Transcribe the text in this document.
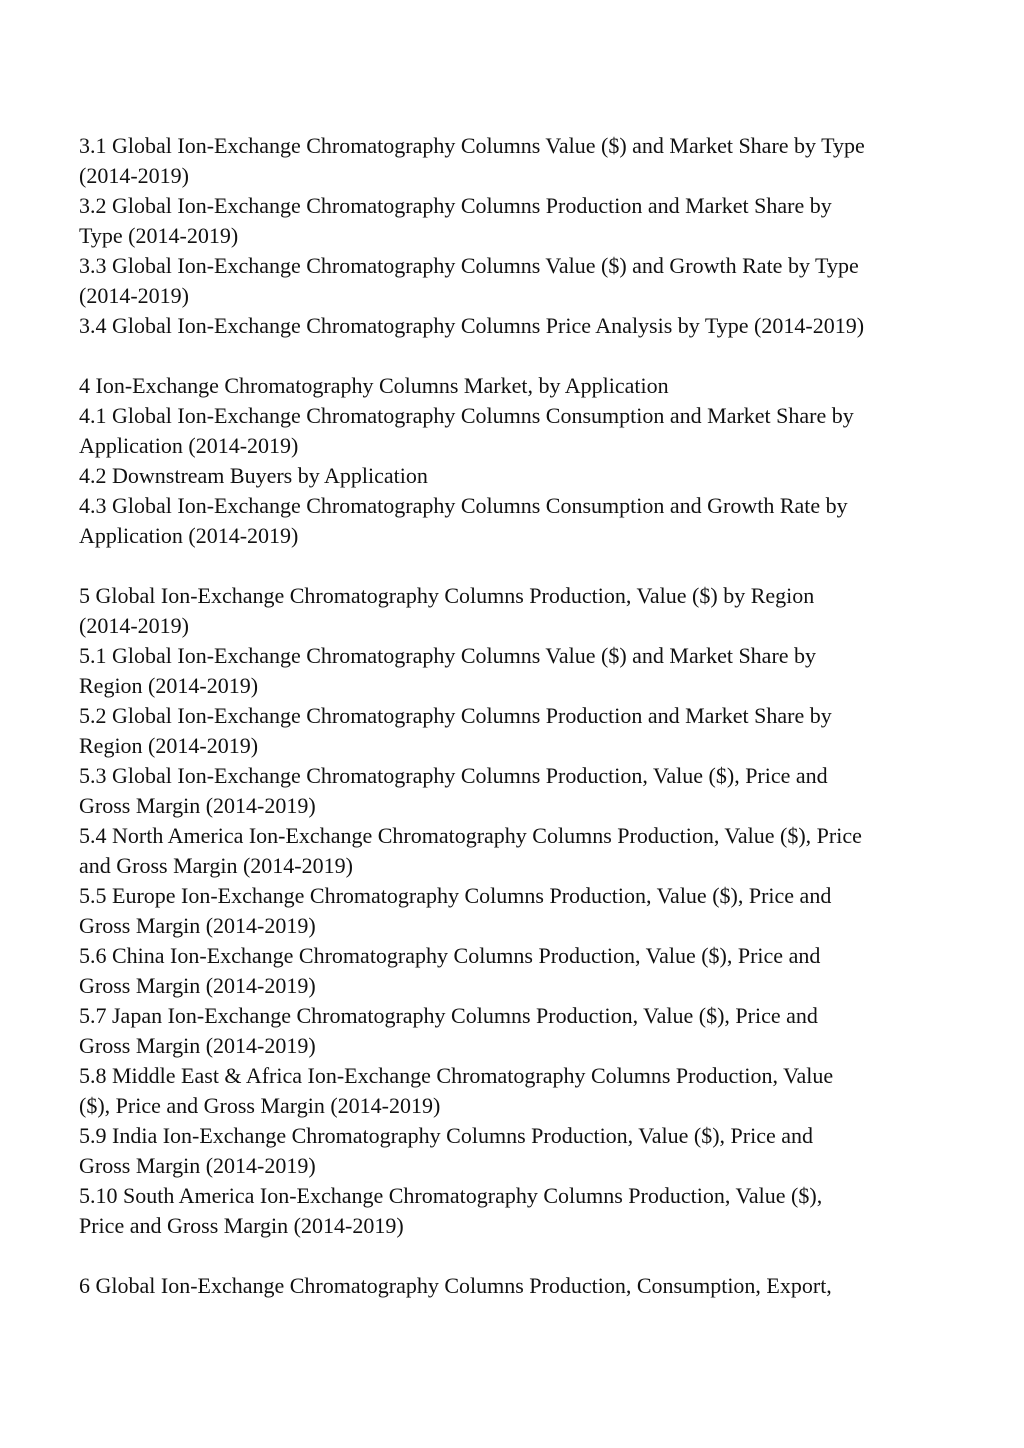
3.1 Global Ion-Exchange Chromatography Columns Value ($) and Market Share by Type
(2014-2019)
3.2 Global Ion-Exchange Chromatography Columns Production and Market Share by
Type (2014-2019)
3.3 Global Ion-Exchange Chromatography Columns Value ($) and Growth Rate by Type
(2014-2019)
3.4 Global Ion-Exchange Chromatography Columns Price Analysis by Type (2014-2019)
4 Ion-Exchange Chromatography Columns Market, by Application
4.1 Global Ion-Exchange Chromatography Columns Consumption and Market Share by
Application (2014-2019)
4.2 Downstream Buyers by Application
4.3 Global Ion-Exchange Chromatography Columns Consumption and Growth Rate by
Application (2014-2019)
5 Global Ion-Exchange Chromatography Columns Production, Value ($) by Region
(2014-2019)
5.1 Global Ion-Exchange Chromatography Columns Value ($) and Market Share by
Region (2014-2019)
5.2 Global Ion-Exchange Chromatography Columns Production and Market Share by
Region (2014-2019)
5.3 Global Ion-Exchange Chromatography Columns Production, Value ($), Price and
Gross Margin (2014-2019)
5.4 North America Ion-Exchange Chromatography Columns Production, Value ($), Price
and Gross Margin (2014-2019)
5.5 Europe Ion-Exchange Chromatography Columns Production, Value ($), Price and
Gross Margin (2014-2019)
5.6 China Ion-Exchange Chromatography Columns Production, Value ($), Price and
Gross Margin (2014-2019)
5.7 Japan Ion-Exchange Chromatography Columns Production, Value ($), Price and
Gross Margin (2014-2019)
5.8 Middle East & Africa Ion-Exchange Chromatography Columns Production, Value
($), Price and Gross Margin (2014-2019)
5.9 India Ion-Exchange Chromatography Columns Production, Value ($), Price and
Gross Margin (2014-2019)
5.10 South America Ion-Exchange Chromatography Columns Production, Value ($),
Price and Gross Margin (2014-2019)
6 Global Ion-Exchange Chromatography Columns Production, Consumption, Export,
